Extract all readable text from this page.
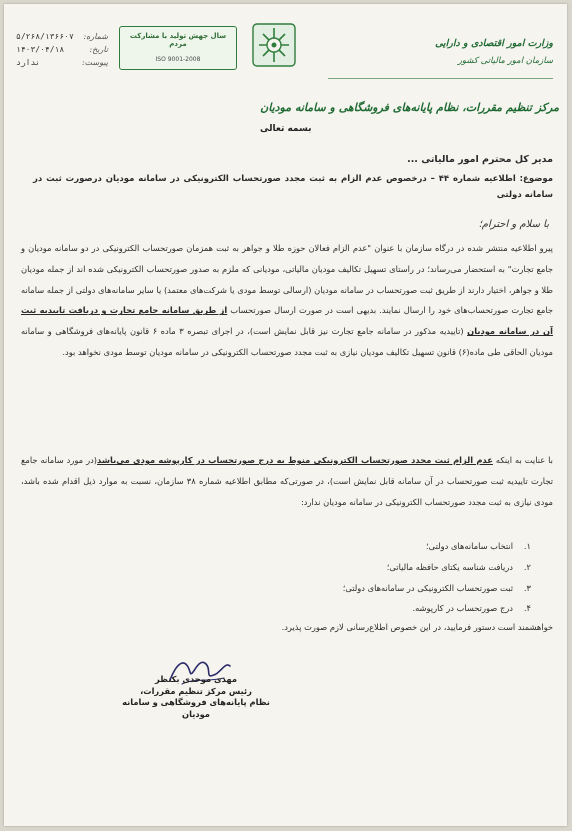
شماره:
۵/۲۶۸/۱۳۶۶۰۷
تاریخ:
۱۴۰۳/۰۴/۱۸
پیوست:
ندارد
سال جهش تولید با مشارکت مردم
ISO 9001-2008
وزارت امور اقتصادی و دارایی
سازمان امور مالیاتی کشور
مرکز تنظیم مقررات، نظام پایانه‌های فروشگاهی و سامانه مودیان
بسمه تعالی
مدیر کل محترم امور مالیاتی ...
موضوع: اطلاعیه شماره ۴۴ – درخصوص عدم الزام به ثبت مجدد صورتحساب الکترونیکی در سامانه مودیان درصورت ثبت در سامانه دولتی
با سلام و احترام؛
پیرو اطلاعیه منتشر شده در درگاه سازمان با عنوان "عدم الزام فعالان حوزه طلا و جواهر به ثبت همزمان صورتحساب الکترونیکی در دو سامانه مودیان و جامع تجارت" به استحضار می‌رساند؛ در راستای تسهیل تکالیف مودیان مالیاتی، مودیانی که ملزم به صدور صورتحساب الکترونیکی شده اند از جمله مودیان طلا و جواهر، اختیار دارند از طریق ثبت صورتحساب در سامانه مودیان (ارسالی توسط مودی یا شرکت‌های معتمد) یا سایر سامانه‌های دولتی از جمله سامانه جامع تجارت صورتحساب‌های خود را ارسال نمایند. بدیهی است در صورت ارسال صورتحساب از طریق سامانه جامع تجارت و دریافت تاییدیه ثبت آن در سامانه مودیان (تاییدیه مذکور در سامانه جامع تجارت نیز قابل نمایش است)، در اجرای تبصره ۳ ماده ۶ قانون پایانه‌های فروشگاهی و سامانه مودیان الحاقی طی ماده(۶) قانون تسهیل تکالیف مودیان نیازی به ثبت مجدد صورتحساب الکترونیکی در سامانه مودیان توسط مودی نخواهد بود.
با عنایت به اینکه عدم الزام ثبت مجدد صورتحساب الکترونیکی منوط به درج صورتحساب در کارپوشه مودی می‌باشد(در مورد سامانه جامع تجارت تاییدیه ثبت صورتحساب در آن سامانه قابل نمایش است)، در صورتی‌که مطابق اطلاعیه شماره ۳۸ سازمان، نسبت به موارد ذیل اقدام شده باشد، مودی نیازی به ثبت مجدد صورتحساب الکترونیکی در سامانه مودیان ندارد:
۱.انتخاب سامانه‌های دولتی؛
۲.دریافت شناسه یکتای حافظه مالیاتی؛
۳.ثبت صورتحساب الکترونیکی در سامانه‌های دولتی؛
۴.درج صورتحساب در کارپوشه.
خواهشمند است دستور فرمایید، در این خصوص اطلاع‌رسانی لازم صورت پذیرد.
مهدی موحدی بکنظر
رئیس مرکز تنظیم مقررات،
نظام پایانه‌های فروشگاهی و سامانه مودیان
